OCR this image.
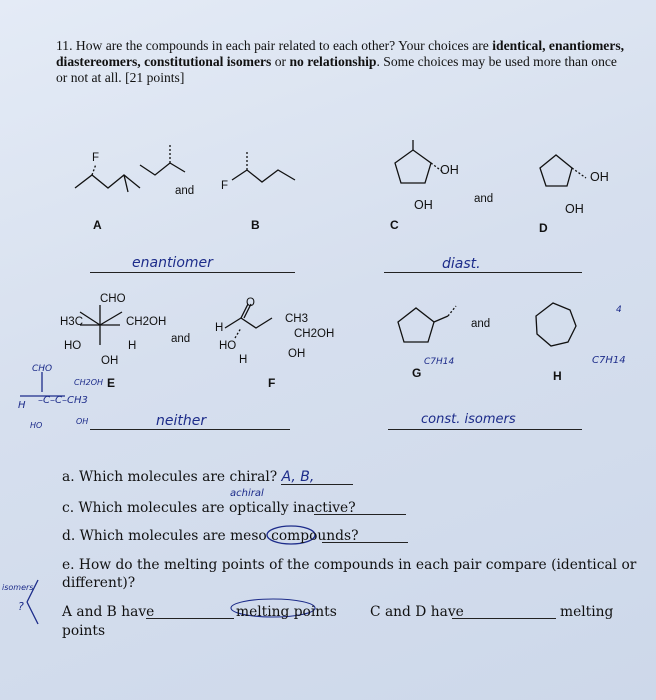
11. How are the compounds in each pair related to each other? Your choices are identical, enantiomers, diastereomers, constitutional isomers or no relationship. Some choices may be used more than once or not at all. [21 points]
F
F
and
OH
OH	and
OH
OH
A	B	C	D
enantiomer	diast.
CHO
H3C	CH2OH
HO	H
OH
and
O
H
HO
H
CH3
CH2OH
OH
E	F
and
G	H
C7H14	C7H14
4
CHO
H –C–C–CH3
CH2OH
HO	OH	neither	const. isomers
a. Which molecules are chiral? A, B,
achiral
c. Which molecules are optically inactive?
d. Which molecules are meso compounds?
e. How do the melting points of the compounds in each pair compare (identical or
different)?
A and B have	melting points C and D have	melting
points
isomers
?
